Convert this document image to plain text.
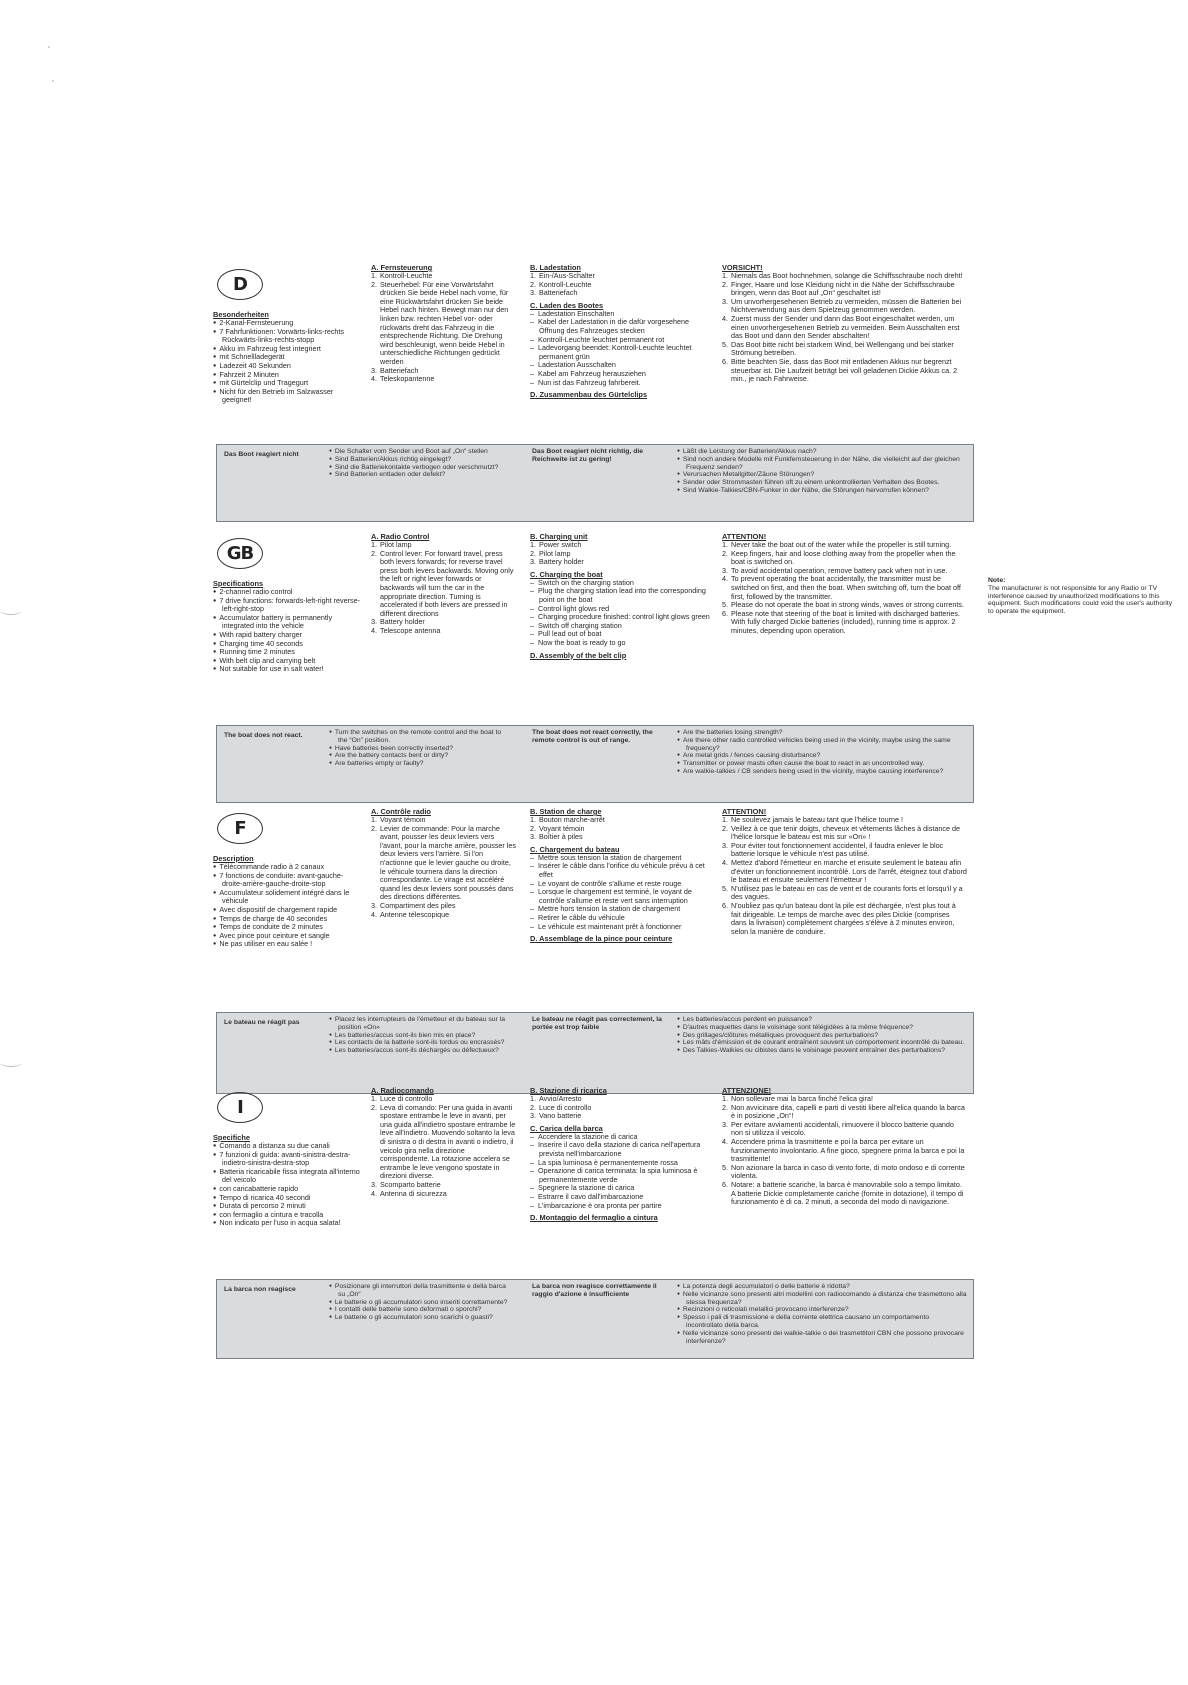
D
Besonderheiten
●  2-Kanal-Fernsteuerung
●  7 Fahrfunktionen: Vorwärts-links-rechts Rückwärts-links-rechts-stopp
●  Akku im Fahrzeug fest integriert
●  mit Schnellladegerät
●  Ladezeit 40 Sekunden
●  Fahrzeit 2 Minuten
●  mit Gürtelclip und Tragegurt
●  Nicht für den Betrieb im Salzwasser geeignet!
A. Fernsteuerung
1. Kontroll-Leuchte
2. Steuerhebel: Für eine Vorwärtsfahrt drücken Sie beide Hebel nach vorne, für eine Rückwärtsfahrt drücken Sie beide Hebel nach hinten. Bewegt man nur den linken bzw. rechten Hebel vor- oder rückwärts dreht das Fahrzeug in die entsprechende Richtung. Die Drehung wird beschleunigt, wenn beide Hebel in unterschiedliche Richtungen gedrückt werden
3. Batteriefach
4. Teleskopantenne
B. Ladestation
1. Ein-/Aus-Schalter
2. Kontroll-Leuchte
3. Batteriefach
C. Laden des Bootes
–  Ladestation Einschalten
–  Kabel der Ladestation in die dafür vorgesehene Öffnung des Fahrzeuges stecken
–  Kontroll-Leuchte leuchtet permanent rot
–  Ladevorgang beendet: Kontroll-Leuchte leuchtet permanent grün
–  Ladestation Ausschalten
–  Kabel am Fahrzeug herausziehen
–  Nun ist das Fahrzeug fahrbereit.
D. Zusammenbau des Gürtelclips
VORSICHT!
1. Niemals das Boot hochnehmen, solange die Schiffsschraube noch dreht!
2. Finger, Haare und lose Kleidung nicht in die Nähe der Schiffsschraube bringen, wenn das Boot auf „On“ geschaltet ist!
3. Um unvorhergesehenen Betrieb zu vermeiden, müssen die Batterien bei Nichtverwendung aus dem Spielzeug genommen werden.
4. Zuerst muss der Sender und dann das Boot eingeschaltet werden, um einen unvorhergesehenen Betrieb zu vermeiden. Beim Ausschalten erst das Boot und dann den Sender abschalten!
5. Das Boot bitte nicht bei starkem Wind, bei Wellengang und bei starker Strömung betreiben.
6. Bitte beachten Sie, dass das Boot mit entladenen Akkus nur begrenzt steuerbar ist. Die Laufzeit beträgt bei voll geladenen Dickie Akkus ca. 2 min., je nach Fahrweise.
Das Boot reagiert nicht	●  Die Schalter vom Sender und Boot auf „On“ stellen
●  Sind Batterien/Akkus richtig eingelegt?
●  Sind die Batteriekontakte verbogen oder verschmutzt?
●  Sind Batterien entladen oder defekt?
Das Boot reagiert nicht richtig, die Reichweite ist zu gering!
●  Läßt die Leistung der Batterien/Akkus nach?
●  Sind noch andere Modelle mit Funkfernsteuerung in der Nähe, die vielleicht auf der gleichen Frequenz senden?
●  Verursachen Metallgitter/Zäune Störungen?
●  Sender oder Strommasten führen oft zu einem unkontrollierten Verhalten des Bootes.
●  Sind Walkie-Talkies/CBN-Funker in der Nähe, die Störungen hervorrufen können?
GB
Specifications
●  2-channel radio control
●  7 drive functions: forwards-left-right reverse-left-right-stop
●  Accumulator battery is permanently integrated into the vehicle
●  With rapid battery charger
●  Charging time 40 seconds
●  Running time 2 minutes
●  With belt clip and carrying belt
●  Not suitable for use in salt water!
A. Radio Control
1. Pilot lamp
2. Control lever: For forward travel, press both levers forwards; for reverse travel press both levers backwards. Moving only the left or right lever forwards or backwards will turn the car in the appropriate direction. Turning is accelerated if both levers are pressed in different directions
3. Battery holder
4. Telescope antenna
B. Charging unit
1. Power switch
2. Pilot lamp
3. Battery holder
C. Charging the boat
–  Switch on the charging station
–  Plug the charging station lead into the corresponding point on the boat
–  Control light glows red
–  Charging procedure finished: control light glows green
–  Switch off charging station
–  Pull lead out of boat
–  Now the boat is ready to go
D. Assembly of the belt clip
ATTENTION!
1. Never take the boat out of the water while the propeller is still turning.
2. Keep fingers, hair and loose clothing away from the propeller when the boat is switched on.
3. To avoid accidental operation, remove battery pack when not in use.
4. To prevent operating the boat accidentally, the transmitter must be switched on first, and then the boat. When switching off, turn the boat off first, followed by the transmitter.
5. Please do not operate the boat in strong winds, waves or strong currents.
6. Please note that steering of the boat is limited with discharged batteries. With fully charged Dickie batteries (included), running time is approx. 2 minutes, depending upon operation.
The boat does not react.	●  Turn the switches on the remote control and the boat to the “On” position.
●  Have batteries been correctly inserted?
●  Are the battery contacts bent or dirty?
●  Are batteries empty or faulty?
The boat does not react correctly, the remote control is out of range.
●  Are the batteries losing strength?
●  Are there other radio controlled vehicles being used in the vicinity, maybe using the same frequency?
●  Are metal grids / fences causing disturbance?
●  Transmitter or power masts often cause the boat to react in an uncontrolled way.
●  Are walkie-talkies / CB senders being used in the vicinity, maybe causing interference?
F
Description
●  Télécommande radio à 2 canaux
●  7 fonctions de conduite: avant-gauche-droite-arrière-gauche-droite-stop
●  Accumulateur solidement intégré dans le véhicule
●  Avec dispositif de chargement rapide
●  Temps de charge de 40 secondes
●  Temps de conduite de 2 minutes
●  Avec pince pour ceinture et sangle
●  Ne pas utiliser en eau salée !
A. Contrôle radio
1. Voyant témoin
2. Levier de commande: Pour la marche avant, pousser les deux leviers vers l'avant, pour la marche arrière, pousser les deux leviers vers l'arrière. Si l'on n'actionne que le levier gauche ou droite, le véhicule tournera dans la direction correspondante. Le virage est accéléré quand les deux leviers sont poussés dans des directions différentes.
3. Compartiment des piles
4. Antenne télescopique
B. Station de charge
1. Bouton marche-arrêt
2. Voyant témoin
3. Boîtier à piles
C. Chargement du bateau
–  Mettre sous tension la station de chargement
–  Insérer le câble dans l'orifice du véhicule prévu à cet effet
–  Le voyant de contrôle s'allume et reste rouge
–  Lorsque le chargement est terminé, le voyant de contrôle s'allume et reste vert sans interruption
–  Mettre hors tension la station de chargement
–  Retirer le câble du véhicule
–  Le véhicule est maintenant prêt à fonctionner
D. Assemblage de la pince pour ceinture
ATTENTION!
1. Ne soulevez jamais le bateau tant que l'hélice tourne !
2. Veillez à ce que tenir doigts, cheveux et vêtements lâches à distance de l'hélice lorsque le bateau est mis sur «On» !
3. Pour éviter tout fonctionnement accidentel, il faudra enlever le bloc batterie lorsque le véhicule n'est pas utilisé.
4. Mettez d'abord l'émetteur en marche et ensuite seulement le bateau afin d'éviter un fonctionnement incontrôlé. Lors de l'arrêt, éteignez tout d'abord le bateau et ensuite seulement l'émetteur !
5. N'utilisez pas le bateau en cas de vent et de courants forts et lorsqu'il y a des vagues.
6. N'oubliez pas qu'un bateau dont la pile est déchargée, n'est plus tout à fait dirigeable. Le temps de marche avec des piles Dickie (comprises dans la livraison) complètement chargées s'élève à 2 minutes environ, selon la manière de conduire.
Le bateau ne réagit pas	●  Placez les interrupteurs de l'émetteur et du bateau sur la position «On»
●  Les batteries/accus sont-ils bien mis en place?
●  Les contacts de la batterie sont-ils tordus ou encrassés?
●  Les batteries/accus sont-ils déchargés ou défectueux?
Le bateau ne réagit pas correctement, la portée est trop faible
●  Les batteries/accus perdent en puissance?
●  D'autres maquettes dans le voisinage sont télégidées à la même fréquence?
●  Des grillages/clôtures métalliques provoquent des perturbations?
●  Les mâts d'émission et de courant entraînent souvent un comportement incontrôlé du bateau.
●  Des Talkies-Walkies ou cibistes dans le voisinage peuvent entraîner des perturbations?
I
Specifiche
●  Comando a distanza su due canali
●  7 funzioni di guida: avanti-sinistra-destra-indietro-sinistra-destra-stop
●  Batteria ricaricabile fissa integrata all'interno del veicolo
●  con caricabatterie rapido
●  Tempo di ricarica 40 secondi
●  Durata di percorso 2 minuti
●  con fermaglio a cintura e tracolla
●  Non indicato per l'uso in acqua salata!
A. Radiocomando
1. Luce di controllo
2. Leva di comando: Per una guida in avanti spostare entrambe le leve in avanti, per una guida all'indietro spostare entrambe le leve all'indietro. Muovendo soltanto la leva di sinistra o di destra in avanti o indietro, il veicolo gira nella direzione corrispondente. La rotazione accelera se entrambe le leve vengono spostate in direzioni diverse.
3. Scomparto batterie
4. Antenna di sicurezza
B. Stazione di ricarica
1. Avvio/Arresto
2. Luce di controllo
3. Vano batterie
C. Carica della barca
–  Accendere la stazione di carica
–  Inserire il cavo della stazione di carica nell'apertura prevista nell'imbarcazione
–  La spia luminosa è permanentemente rossa
–  Operazione di carica terminata: la spia luminosa è permanentemente verde
–  Spegnere la stazione di carica
–  Estrarre il cavo dall'imbarcazione
–  L'imbarcazione è ora pronta per partire
D. Montaggio del fermaglio a cintura
ATTENZIONE!
1. Non sollevare mai la barca finché l'elica gira!
2. Non avvicinare dita, capelli e parti di vestiti libere all'elica quando la barca è in posizione „On“!
3. Per evitare avviamenti accidentali, rimuovere il blocco batterie quando non si utilizza il veicolo.
4. Accendere prima la trasmittente e poi la barca per evitare un funzionamento involontario. A fine gioco, spegnere prima la barca e poi la trasmittente!
5. Non azionare la barca in caso di vento forte, di moto ondoso e di corrente violenta.
6. Notare: a batterie scariche, la barca è manovrabile solo a tempo limitato. A batterie Dickie completamente cariche (fornite in dotazione), il tempo di funzionamento è di ca. 2 minuti, a seconda del modo di navigazione.
La barca non reagisce	●  Posizionare gli interruttori della trasmittente e della barca su „On“
●  Le batterie o gli accumulatori sono inseriti correttamente?
●  I contatti delle batterie sono deformati o sporchi?
●  Le batterie o gli accumulatori sono scarichi o guasti?
La barca non reagisce correttamente il raggio d'azione è insufficiente
●  La potenza degli accumulatori o delle batterie è ridotta?
●  Nelle vicinanze sono presenti altri modellini con radiocomando a distanza che trasmettono alla stessa frequenza?
●  Recinzioni o reticolati metallici provocano interferenze?
●  Spesso i pali di trasmissione e della corrente elettrica causano un comportamento incontrollato della barca.
●  Nelle vicinanze sono presenti dei walkie-talkie o dei trasmettitori CBN che possono provocare interferenze?
Note:
The manufacturer is not responsible for any Radio or TV interference caused by unauthorized modifications to this equipment. Such modifications could void the user's authority to operate the equipment.
